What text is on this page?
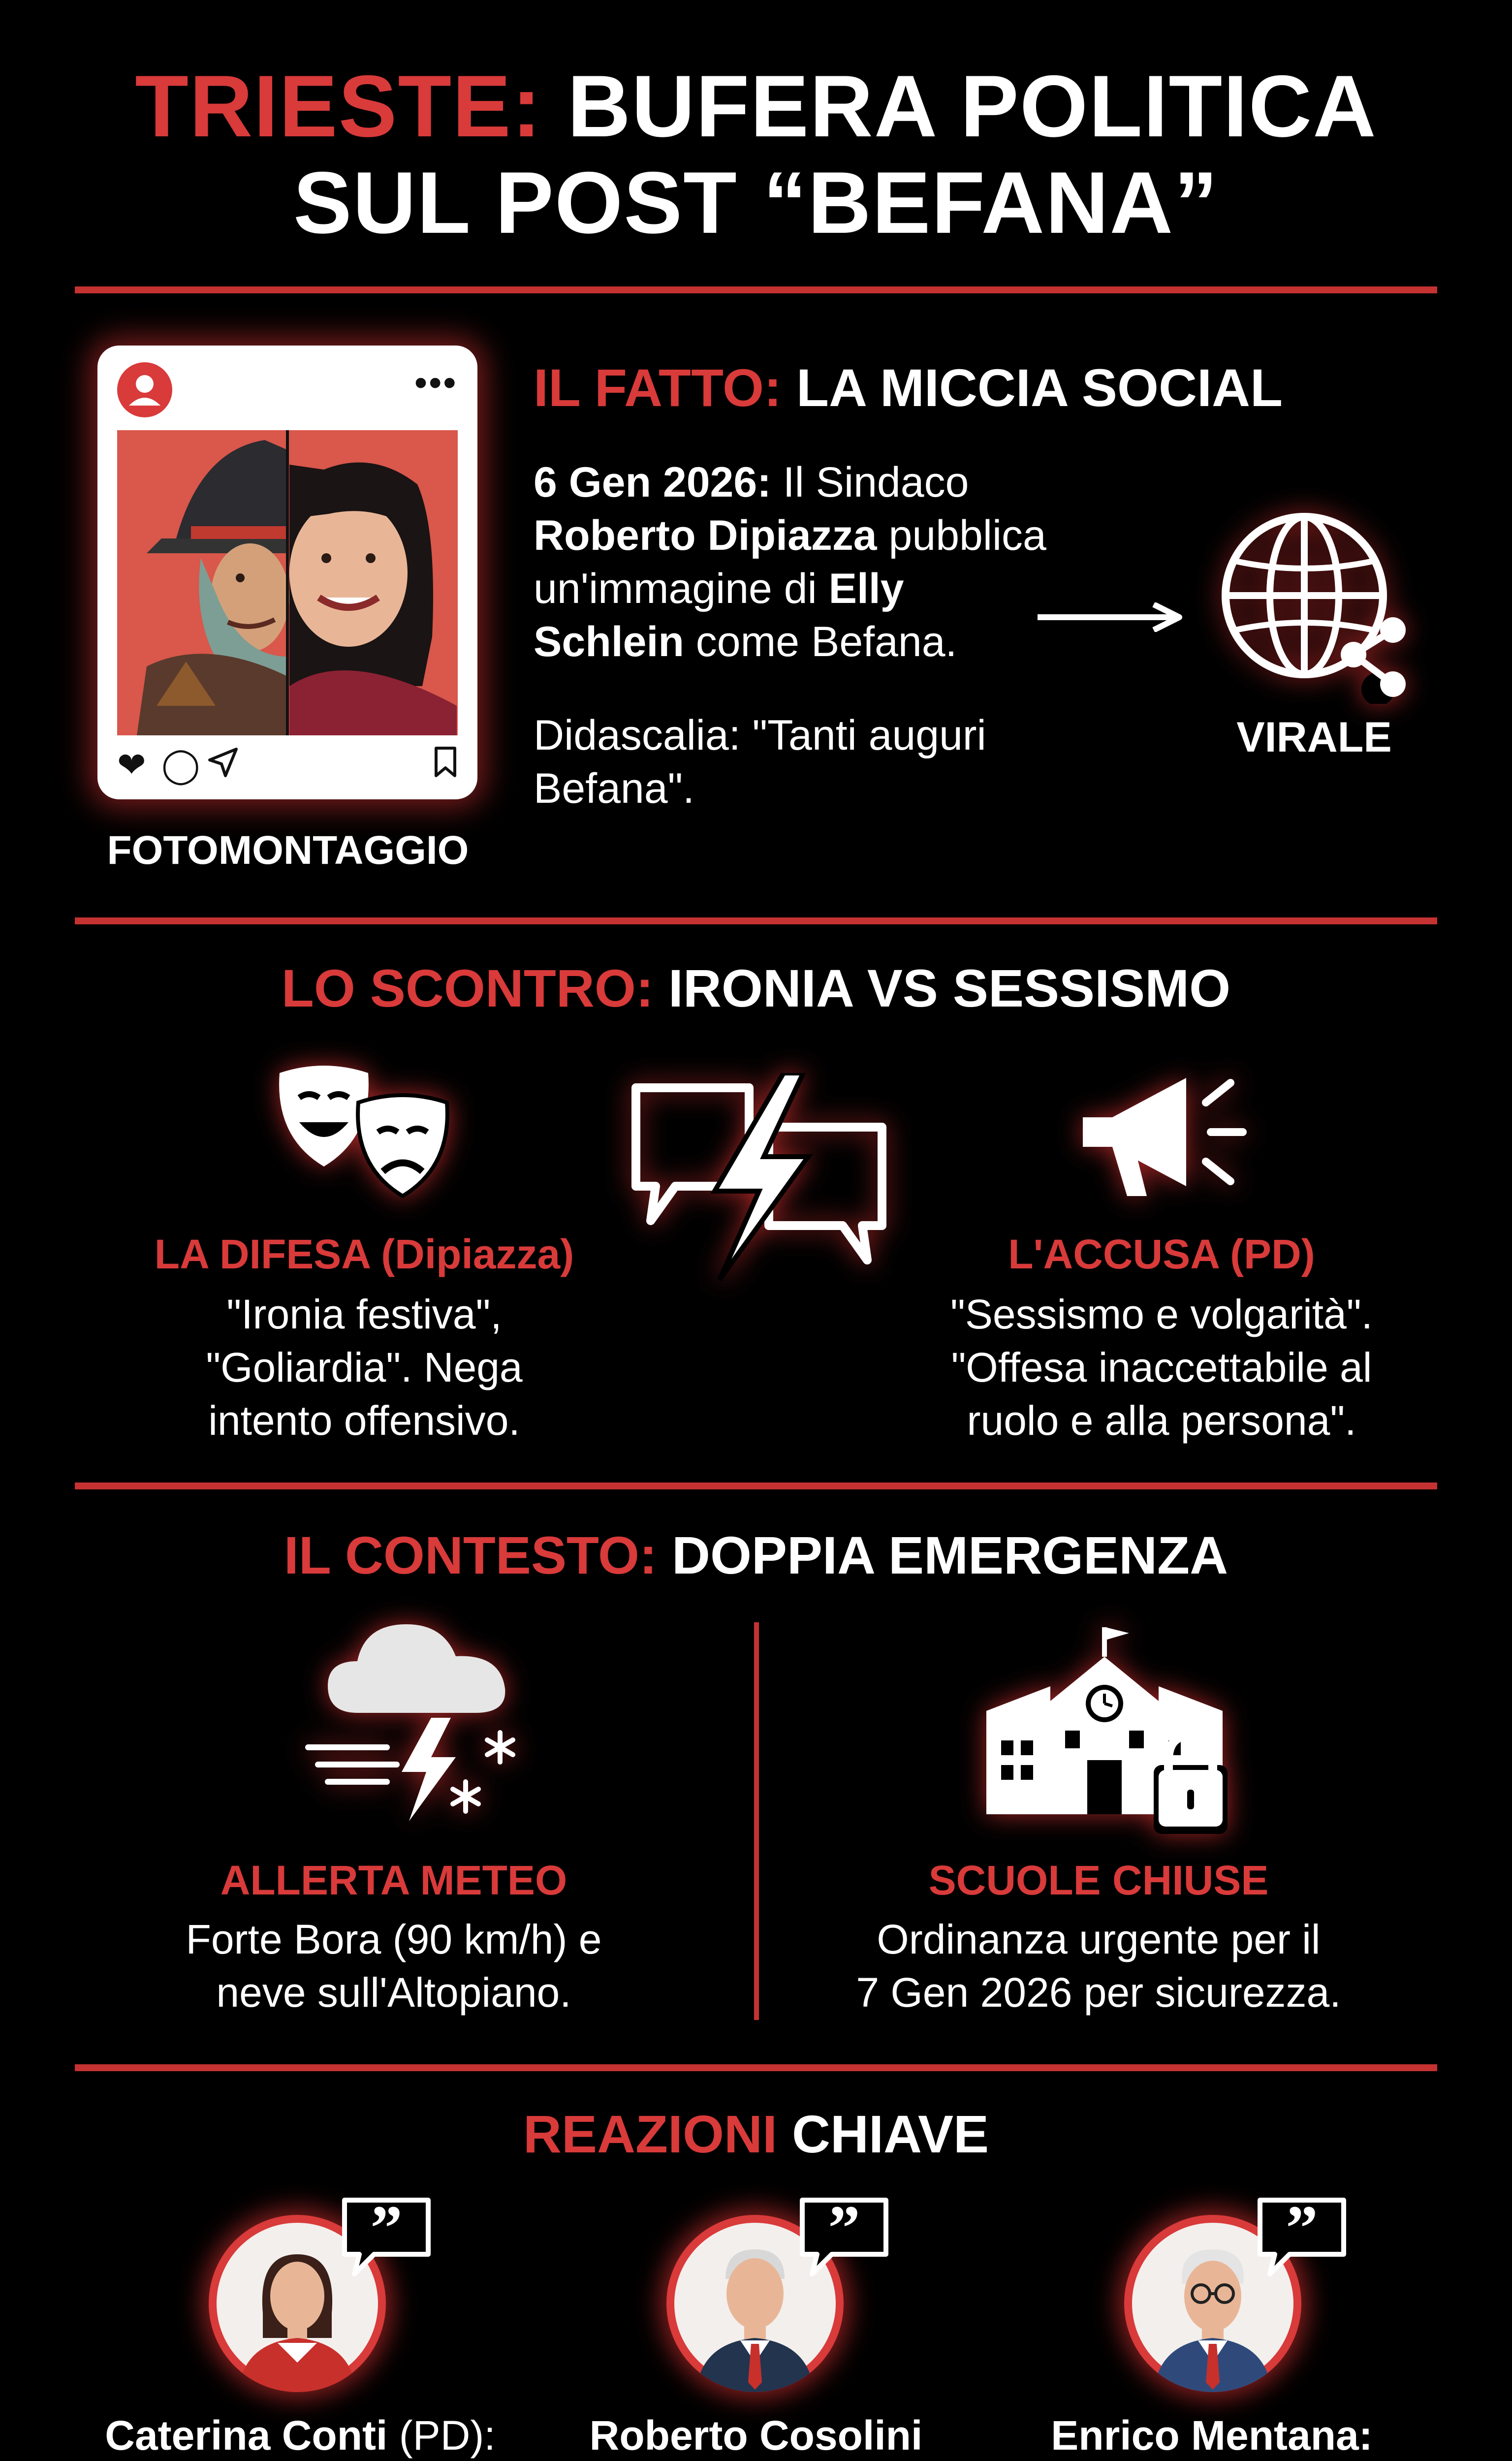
TRIESTE: BUFERA POLITICA
SUL POST “BEFANA”
•••
❤ ◯
FOTOMONTAGGIO
IL FATTO: LA MICCIA SOCIAL
6 Gen 2026: Il Sindaco
Roberto Dipiazza pubblica
un'immagine di Elly
Schlein come Befana.
Didascalia: "Tanti auguri
Befana".
VIRALE
LO SCONTRO: IRONIA VS SESSISMO
LA DIFESA (Dipiazza)
"Ironia festiva",
"Goliardia". Nega
intento offensivo.
L'ACCUSA (PD)
"Sessismo e volgarità".
"Offesa inaccettabile al
ruolo e alla persona".
IL CONTESTO: DOPPIA EMERGENZA
ALLERTA METEO
Forte Bora (90 km/h) e
neve sull'Altopiano.
SCUOLE CHIUSE
Ordinanza urgente per il
7 Gen 2026 per sicurezza.
REAZIONI CHIAVE
”	”	”
Caterina Conti (PD):	Roberto Cosolini	Enrico Mentana:
